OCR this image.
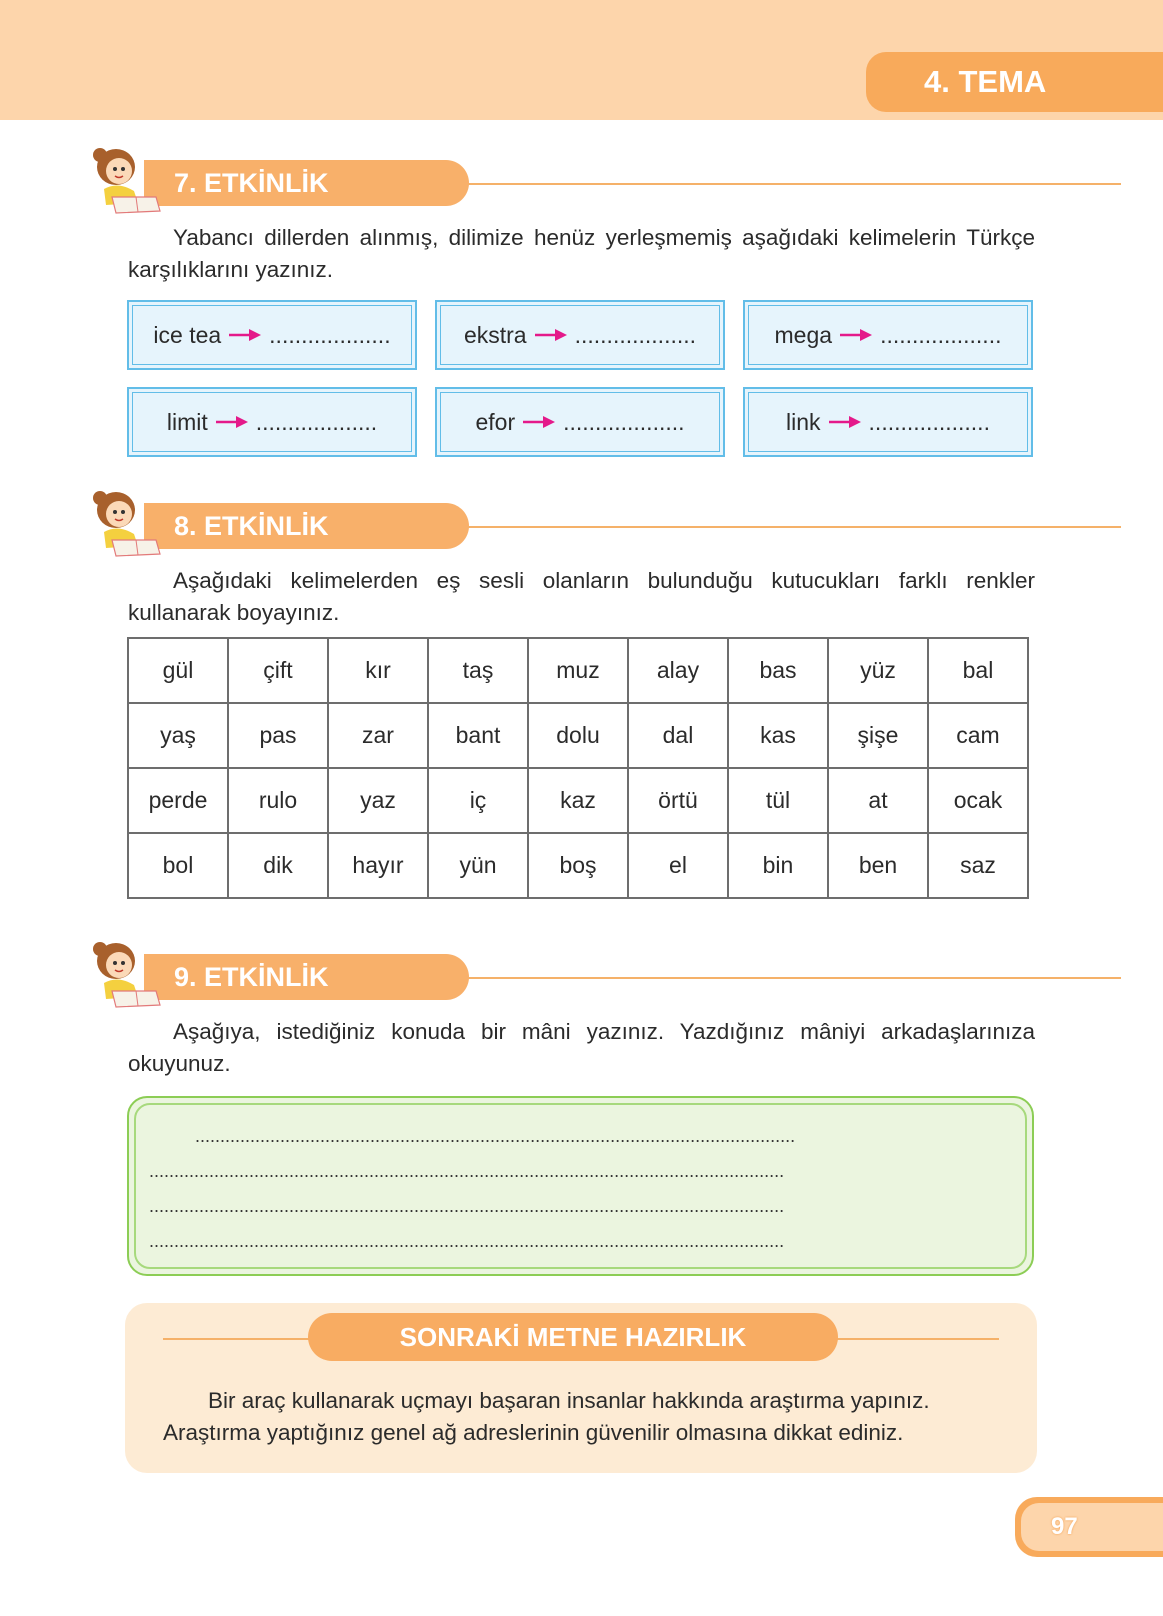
4. TEMA
7. ETKİNLİK
Yabancı dillerden alınmış, dilimize henüz yerleşmemiş aşağıdaki kelimelerin Türkçe karşılıklarını yazınız.
ice tea ...................	ekstra ...................	mega ...................
limit ...................	efor ...................	link ...................
8. ETKİNLİK
Aşağıdaki kelimelerden eş sesli olanların bulunduğu kutucukları farklı renkler kullanarak boyayınız.
gül	çift	kır	taş	muz	alay	bas	yüz	bal
yaş	pas	zar	bant	dolu	dal	kas	şişe	cam
perde	rulo	yaz	iç	kaz	örtü	tül	at	ocak
bol	dik	hayır	yün	boş	el	bin	ben	saz
9. ETKİNLİK
Aşağıya, istediğiniz konuda bir mâni yazınız. Yazdığınız mâniyi arkadaşlarınıza okuyunuz.
........................................................................................................................
...............................................................................................................................
...............................................................................................................................
...............................................................................................................................
SONRAKİ METNE HAZIRLIK
Bir araç kullanarak uçmayı başaran insanlar hakkında araştırma yapınız.
Araştırma yaptığınız genel ağ adreslerinin güvenilir olmasına dikkat ediniz.
97
